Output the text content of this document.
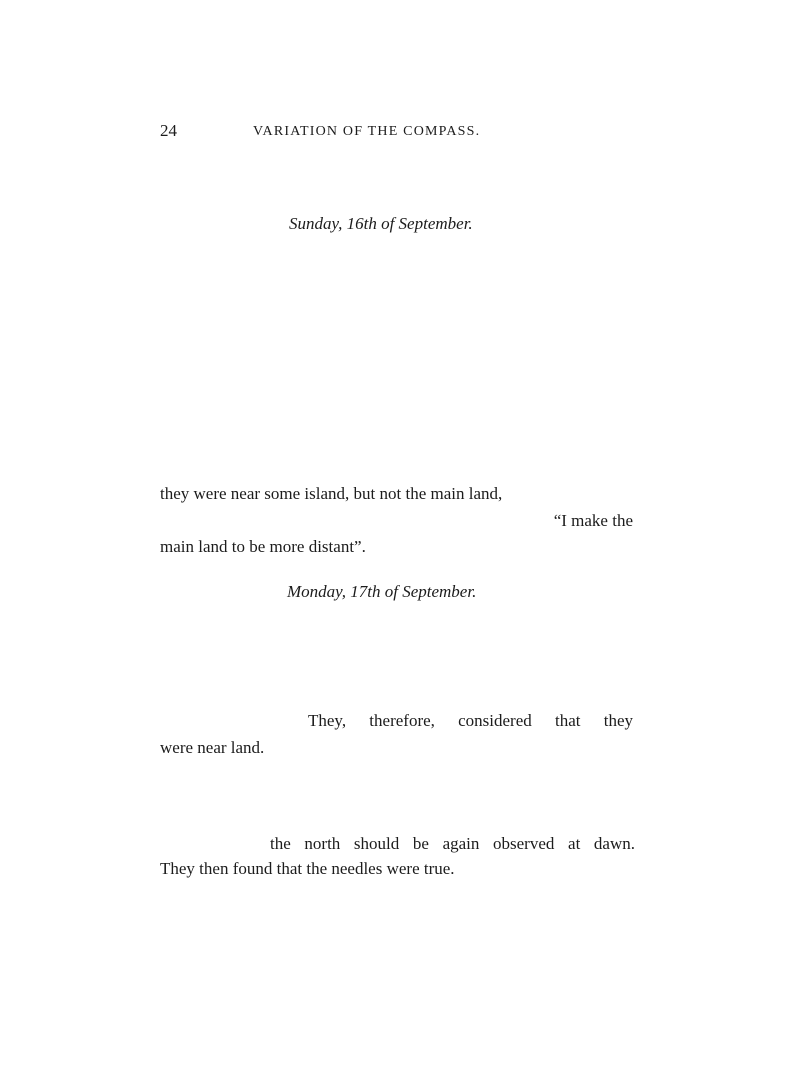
24	VARIATION OF THE COMPASS.
Sunday, 16th of September.
they were near some island, but not the main land,
“I make the
main land to be more distant”.
Monday, 17th of September.
They, therefore, considered that they
were near land.
the north should be again observed at dawn.
They then found that the needles were true.
